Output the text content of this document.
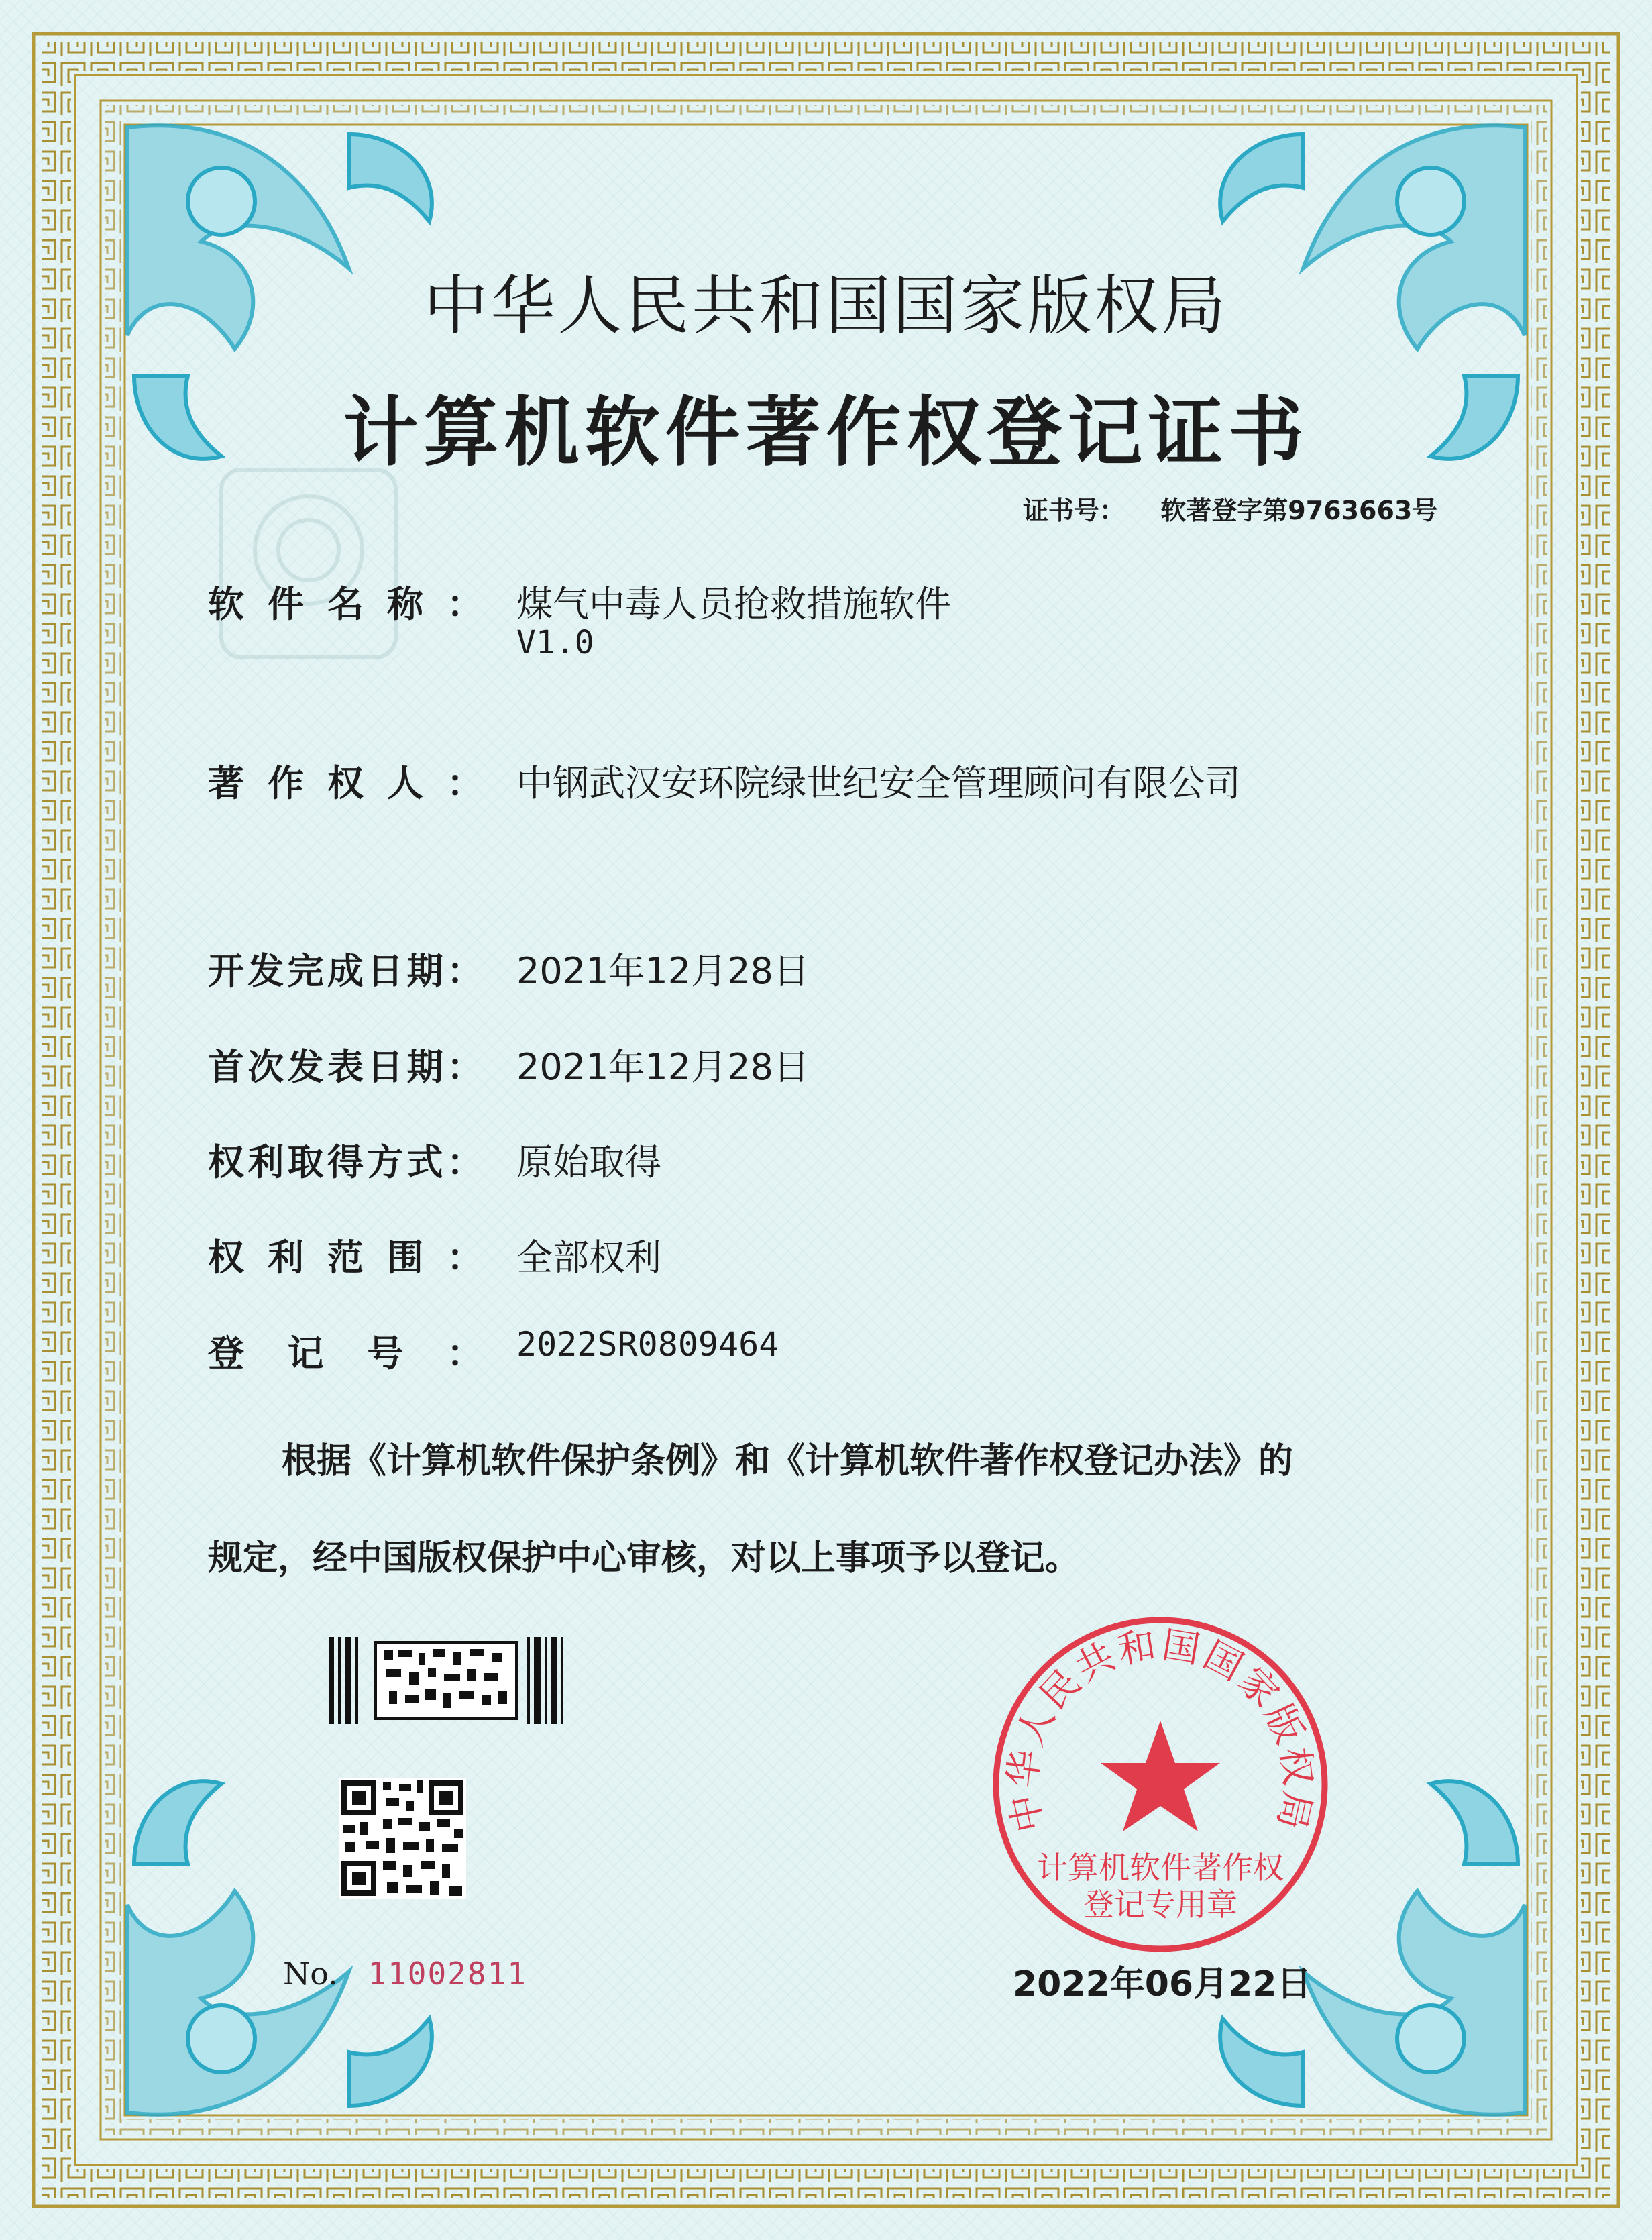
中华人民共和国国家版权局
计算机软件著作权登记证书
证书号： 软著登字第9763663号
软件名称： 煤气中毒人员抢救措施软件
V1.0
著作权人： 中钢武汉安环院绿世纪安全管理顾问有限公司
开发完成日期： 2021年12月28日
首次发表日期： 2021年12月28日
权利取得方式： 原始取得
权利范围： 全部权利
登记号： 2022SR0809464
根据《计算机软件保护条例》和《计算机软件著作权登记办法》的
规定，经中国版权保护中心审核，对以上事项予以登记。
No. 11002811
中华人民共和国国家版权局
计算机软件著作权
登记专用章
2022年06月22日
